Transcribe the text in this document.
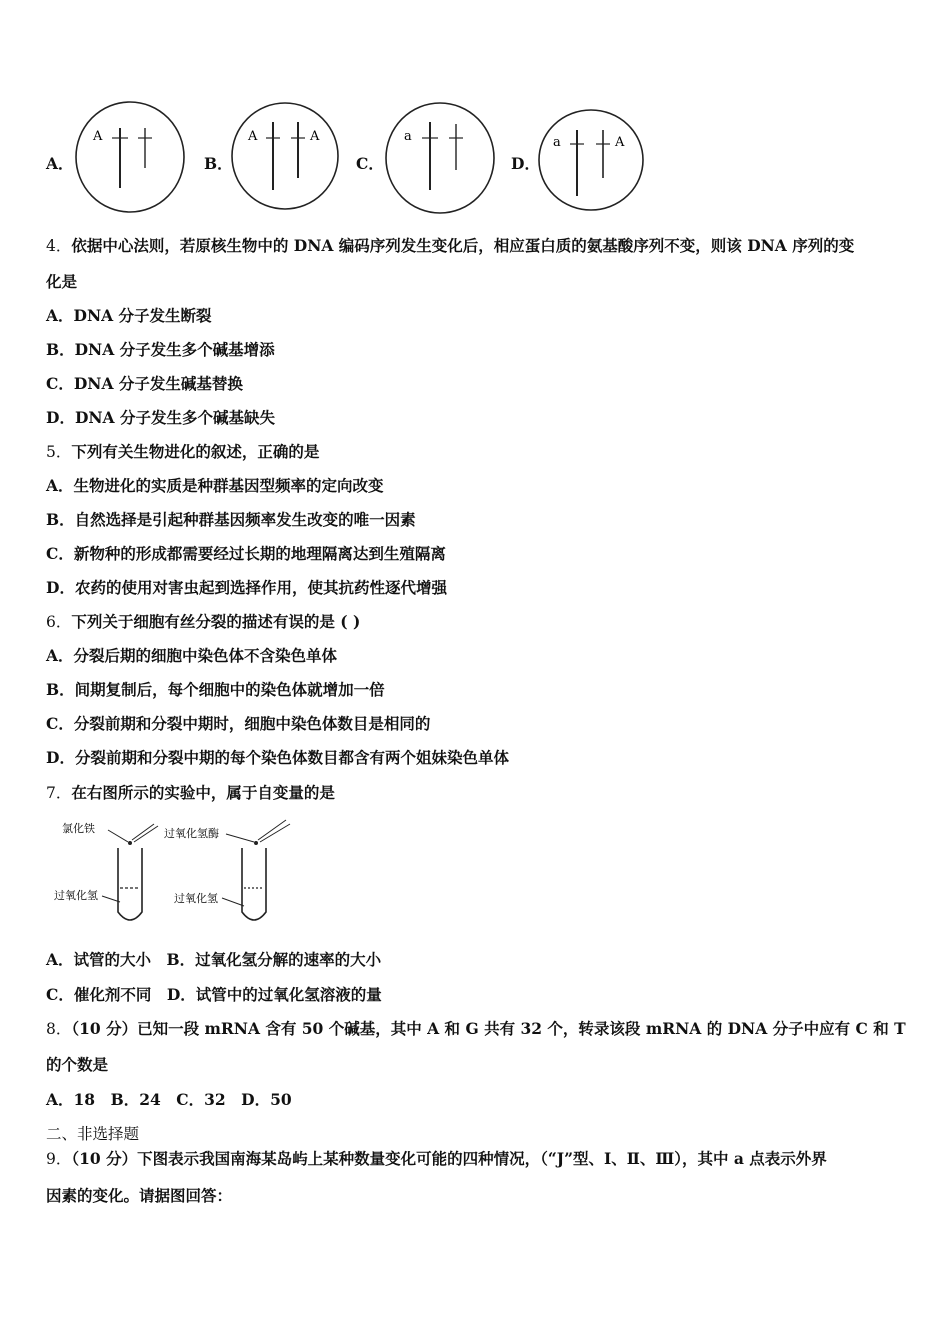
A．
A
B．
A	A
C．
a
D．
a	A
4．依据中心法则，若原核生物中的 DNA 编码序列发生变化后，相应蛋白质的氨基酸序列不变，则该 DNA 序列的变
化是
A．DNA 分子发生断裂
B．DNA 分子发生多个碱基增添
C．DNA 分子发生碱基替换
D．DNA 分子发生多个碱基缺失
5．下列有关生物进化的叙述，正确的是
A．生物进化的实质是种群基因型频率的定向改变
B．自然选择是引起种群基因频率发生改变的唯一因素
C．新物种的形成都需要经过长期的地理隔离达到生殖隔离
D．农药的使用对害虫起到选择作用，使其抗药性逐代增强
6．下列关于细胞有丝分裂的描述有误的是 ( )
A．分裂后期的细胞中染色体不含染色单体
B．间期复制后，每个细胞中的染色体就增加一倍
C．分裂前期和分裂中期时，细胞中染色体数目是相同的
D．分裂前期和分裂中期的每个染色体数目都含有两个姐妹染色单体
7．在右图所示的实验中，属于自变量的是
氯化铁
过氧化氢
过氧化氢酶
过氧化氢
A．试管的大小　B．过氧化氢分解的速率的大小
C．催化剂不同　D．试管中的过氧化氢溶液的量
8．（10 分）已知一段 mRNA 含有 50 个碱基，其中 A 和 G 共有 32 个，转录该段 mRNA 的 DNA 分子中应有 C 和 T
的个数是
A．18　B．24　C．32　D．50
二、非选择题
9．（10 分）下图表示我国南海某岛屿上某种数量变化可能的四种情况，（“J”型、Ⅰ、Ⅱ、Ⅲ），其中 a 点表示外界
因素的变化。请据图回答：
